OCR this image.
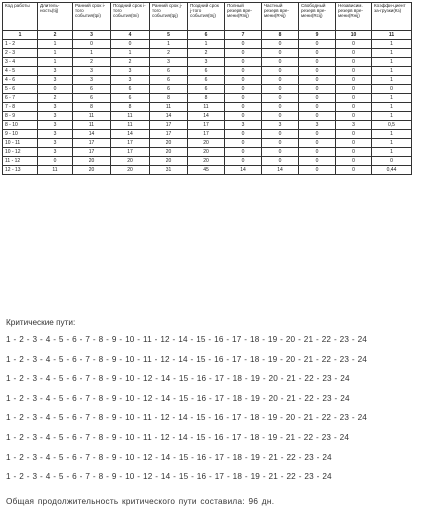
Код работы	Длитель-ность(tij)	Ранний срок i-того события(tpi)	Поздний срок i-того события(tni)	Ранний срок j-того события(tpj)	Поздний срок j-того события(tnj)	Полный резерв вре-мени(Rnij)	Частный резерв вре-мени(Rчij)	Свободный резерв вре-мени(Rcij)	Независим. резерв вре-мени(Rнij)	Коэффи-циент за-грузки(Кз)
1	2	3	4	5	6	7	8	9	10	11
1 - 2	1	0	0	1	1	0	0	0	0	1
2 - 3	1	1	1	2	2	0	0	0	0	1
3 - 4	1	2	2	3	3	0	0	0	0	1
4 - 5	3	3	3	6	6	0	0	0	0	1
4 - 6	3	3	3	6	6	0	0	0	0	1
5 - 6	0	6	6	6	6	0	0	0	0	0
6 - 7	2	6	6	8	8	0	0	0	0	1
7 - 8	3	8	8	11	11	0	0	0	0	1
8 - 9	3	11	11	14	14	0	0	0	0	1
8 - 10	3	11	11	17	17	3	3	3	3	0,5
9 - 10	3	14	14	17	17	0	0	0	0	1
10 - 11	3	17	17	20	20	0	0	0	0	1
10 - 12	3	17	17	20	20	0	0	0	0	1
11 - 12	0	20	20	20	20	0	0	0	0	0
12 - 13	11	20	20	31	45	14	14	0	0	0,44
Критические пути:
1 - 2 - 3 - 4 - 5 - 6 - 7 - 8 - 9 - 10 - 11 - 12 - 14 - 15 - 16 - 17 - 18 - 19 - 20 - 21 - 22 - 23 - 24
1 - 2 - 3 - 4 - 5 - 6 - 7 - 8 - 9 - 10 - 11 - 12 - 14 - 15 - 16 - 17 - 18 - 19 - 20 - 21 - 22 - 23 - 24
1 - 2 - 3 - 4 - 5 - 6 - 7 - 8 - 9 - 10 - 12 - 14 - 15 - 16 - 17 - 18 - 19 - 20 - 21 - 22 - 23 - 24
1 - 2 - 3 - 4 - 5 - 6 - 7 - 8 - 9 - 10 - 12 - 14 - 15 - 16 - 17 - 18 - 19 - 20 - 21 - 22 - 23 - 24
1 - 2 - 3 - 4 - 5 - 6 - 7 - 8 - 9 - 10 - 11 - 12 - 14 - 15 - 16 - 17 - 18 - 19 - 20 - 21 - 22 - 23 - 24
1 - 2 - 3 - 4 - 5 - 6 - 7 - 8 - 9 - 10 - 11 - 12 - 14 - 15 - 16 - 17 - 18 - 19 - 21 - 22 - 23 - 24
1 - 2 - 3 - 4 - 5 - 6 - 7 - 8 - 9 - 10 - 12 - 14 - 15 - 16 - 17 - 18 - 19 - 21 - 22 - 23 - 24
1 - 2 - 3 - 4 - 5 - 6 - 7 - 8 - 9 - 10 - 12 - 14 - 15 - 16 - 17 - 18 - 19 - 21 - 22 - 23 - 24
Общая продолжительность критического пути составила: 96 дн.
